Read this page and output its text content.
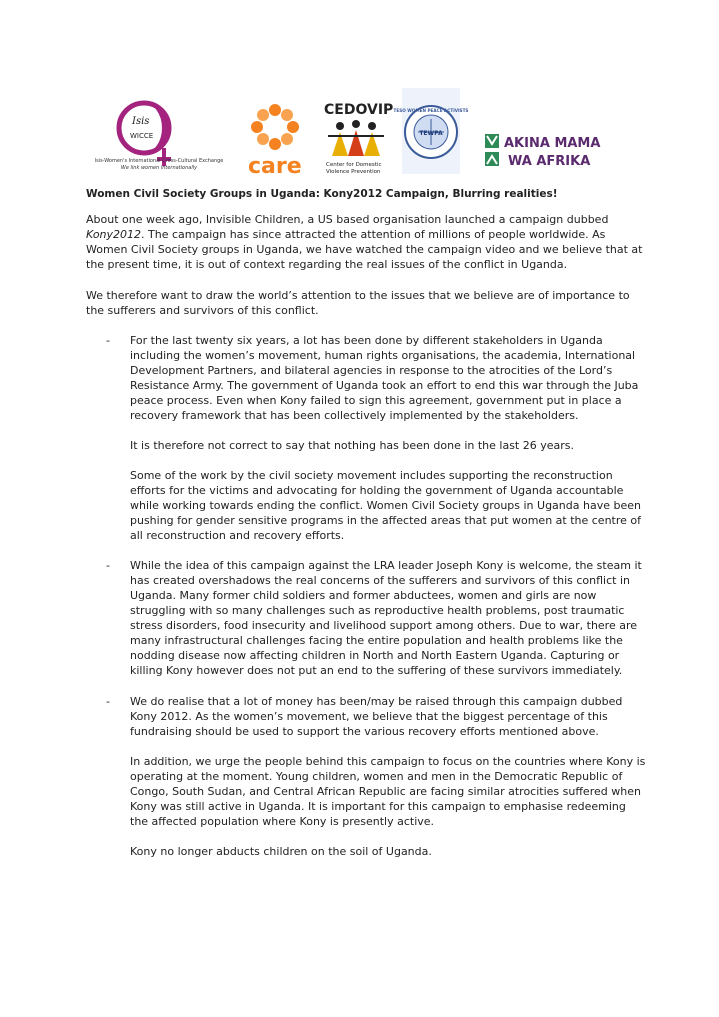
Isis
WICCE
Isis-Women's International Cross-Cultural Exchange
We link women internationally	care
CEDOVIP
Center for Domestic
Violence Prevention
TESO WOMEN PEACE ACTIVISTS
TEWPA
AKINA MAMA
WA AFRIKA
Women Civil Society Groups in Uganda: Kony2012 Campaign, Blurring realities!
About one week ago, Invisible Children, a US based organisation launched a campaign dubbed Kony2012. The campaign has since attracted the attention of millions of people worldwide. As Women Civil Society groups in Uganda, we have watched the campaign video and we believe that at the present time, it is out of context regarding the real issues of the conflict in Uganda.
We therefore want to draw the world’s attention to the issues that we believe are of importance to the sufferers and survivors of this conflict.
- For the last twenty six years, a lot has been done by different stakeholders in Uganda including the women’s movement, human rights organisations, the academia, International Development Partners, and bilateral agencies in response to the atrocities of the Lord’s Resistance Army. The government of Uganda took an effort to end this war through the Juba peace process. Even when Kony failed to sign this agreement, government put in place a recovery framework that has been collectively implemented by the stakeholders.
It is therefore not correct to say that nothing has been done in the last 26 years.
Some of the work by the civil society movement includes supporting the reconstruction efforts for the victims and advocating for holding the government of Uganda accountable while working towards ending the conflict. Women Civil Society groups in Uganda have been pushing for gender sensitive programs in the affected areas that put women at the centre of all reconstruction and recovery efforts.
- While the idea of this campaign against the LRA leader Joseph Kony is welcome, the steam it has created overshadows the real concerns of the sufferers and survivors of this conflict in Uganda. Many former child soldiers and former abductees, women and girls are now struggling with so many challenges such as reproductive health problems, post traumatic stress disorders, food insecurity and livelihood support among others. Due to war, there are many infrastructural challenges facing the entire population and health problems like the nodding disease now affecting children in North and North Eastern Uganda. Capturing or killing Kony however does not put an end to the suffering of these survivors immediately.
- We do realise that a lot of money has been/may be raised through this campaign dubbed Kony 2012. As the women’s movement, we believe that the biggest percentage of this fundraising should be used to support the various recovery efforts mentioned above.
In addition, we urge the people behind this campaign to focus on the countries where Kony is operating at the moment. Young children, women and men in the Democratic Republic of Congo, South Sudan, and Central African Republic are facing similar atrocities suffered when Kony was still active in Uganda. It is important for this campaign to emphasise redeeming the affected population where Kony is presently active.
Kony no longer abducts children on the soil of Uganda.
